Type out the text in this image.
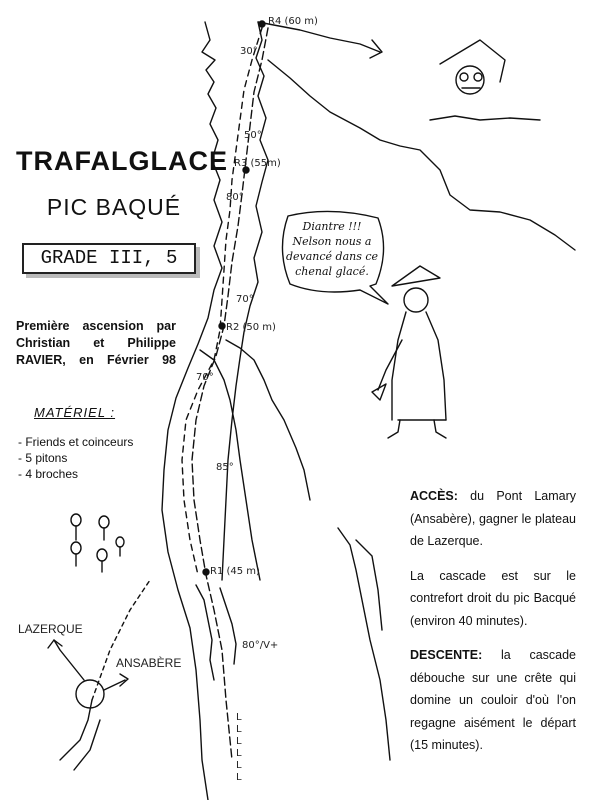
TRAFALGLACE
PIC BAQUÉ
GRADE III, 5
Première ascension par Christian et Philippe RAVIER, en Février 98
MATÉRIEL :
- Friends et coinceurs
- 5 pitons
- 4 broches
Diantre !!! Nelson nous a devancé dans ce chenal glacé.

ACCÈS: du Pont Lamary (Ansabère), gagner le plateau de Lazerque.

La cascade est sur le contrefort droit du pic Bacqué (environ 40 minutes).

DESCENTE: la cascade débouche sur une crête qui domine un couloir d'où l'on regagne aisément le départ (15 minutes).

R4 (60 m)
30°
50°
R3 (55m)
80°
70°
R2 (50 m)
70°
85°
R1 (45 m)
80°/V+
L L L L L L
LAZERQUE
ANSABÈRE
